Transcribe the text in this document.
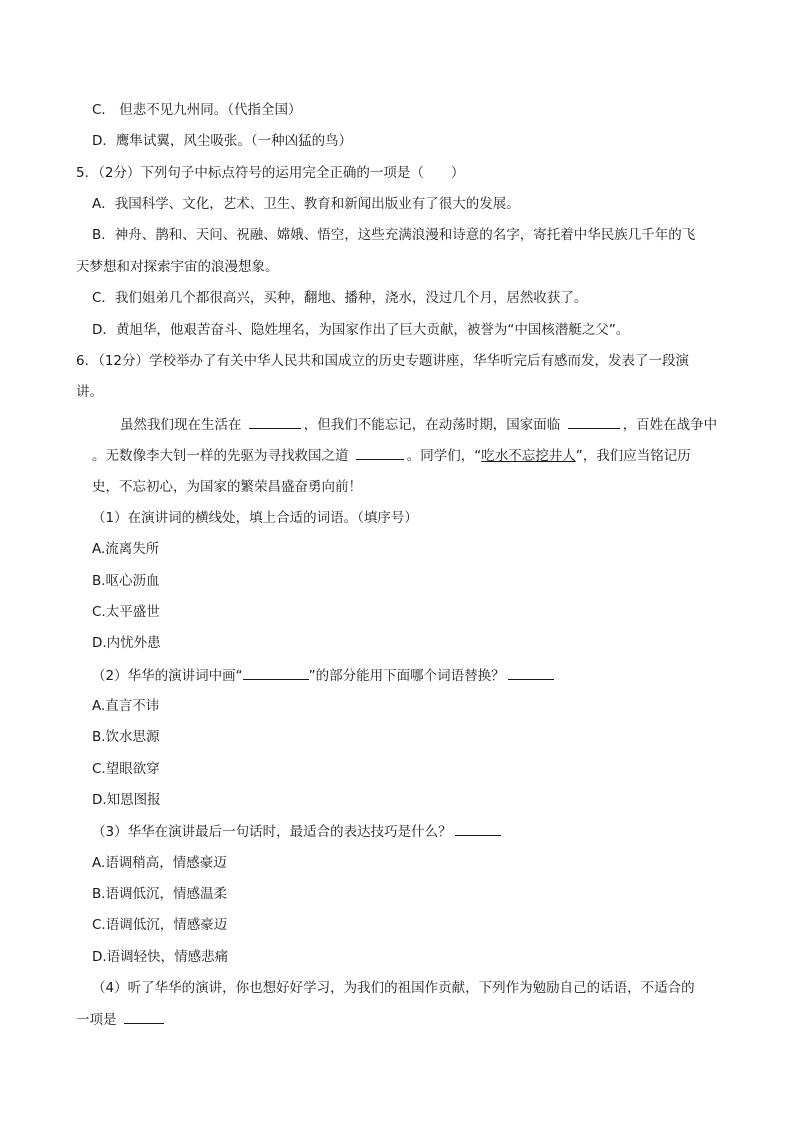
C． 但悲不见九州同。（代指全国）
D．鹰隼试翼，风尘吸张。（一种凶猛的鸟）
5．（2分）下列句子中标点符号的运用完全正确的一项是（　　）
A．我国科学、文化，艺术、卫生、教育和新闻出版业有了很大的发展。
B．神舟、鹊和、天问、祝融、嫦娥、悟空，这些充满浪漫和诗意的名字，寄托着中华民族几千年的飞
天梦想和对探索宇宙的浪漫想象。
C．我们姐弟几个都很高兴，买种，翻地、播种，浇水，没过几个月，居然收获了。
D．黄旭华，他艰苦奋斗、隐姓埋名，为国家作出了巨大贡献，被誉为“中国核潜艇之父”。
6．（12分）学校举办了有关中华人民共和国成立的历史专题讲座，华华听完后有感而发，发表了一段演
讲。
虽然我们现在生活在	，但我们不能忘记，在动荡时期，国家面临	，百姓在战争中
。无数像李大钊一样的先驱为寻找救国之道	。同学们，“吃水不忘挖井人”，我们应当铭记历
史，不忘初心，为国家的繁荣昌盛奋勇向前！
（1）在演讲词的横线处，填上合适的词语。（填序号）
A.流离失所
B.呕心沥血
C.太平盛世
D.内忧外患
（2）华华的演讲词中画“	”的部分能用下面哪个词语替换？
A.直言不讳
B.饮水思源
C.望眼欲穿
D.知恩图报
（3）华华在演讲最后一句话时，最适合的表达技巧是什么？
A.语调稍高，情感豪迈
B.语调低沉，情感温柔
C.语调低沉，情感豪迈
D.语调轻快，情感悲痛
（4）听了华华的演讲，你也想好好学习，为我们的祖国作贡献，下列作为勉励自己的话语，不适合的
一项是
